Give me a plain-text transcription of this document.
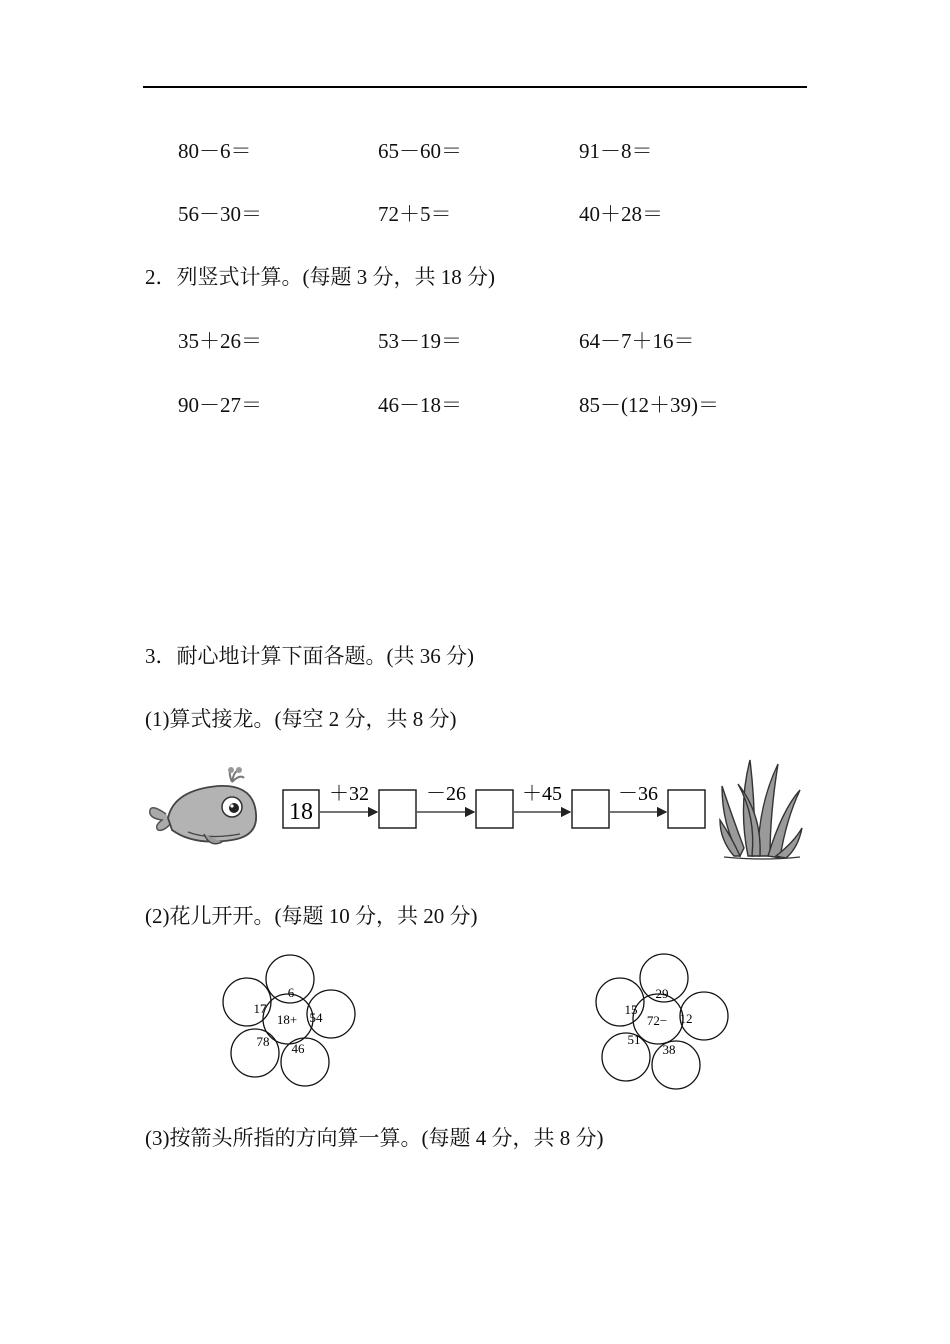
80－6＝	65－60＝	91－8＝
56－30＝	72＋5＝	40＋28＝
2．列竖式计算。(每题 3 分，共 18 分)
35＋26＝	53－19＝	64－7＋16＝
90－27＝	46－18＝	85－(12＋39)＝
3．耐心地计算下面各题。(共 36 分)
(1)算式接龙。(每空 2 分，共 8 分)
18
＋32	－26	＋45	－36
(2)花儿开开。(每题 10 分，共 20 分)
18+
6
54
46
78
17
72−
29
12
38
51
15
(3)按箭头所指的方向算一算。(每题 4 分，共 8 分)
